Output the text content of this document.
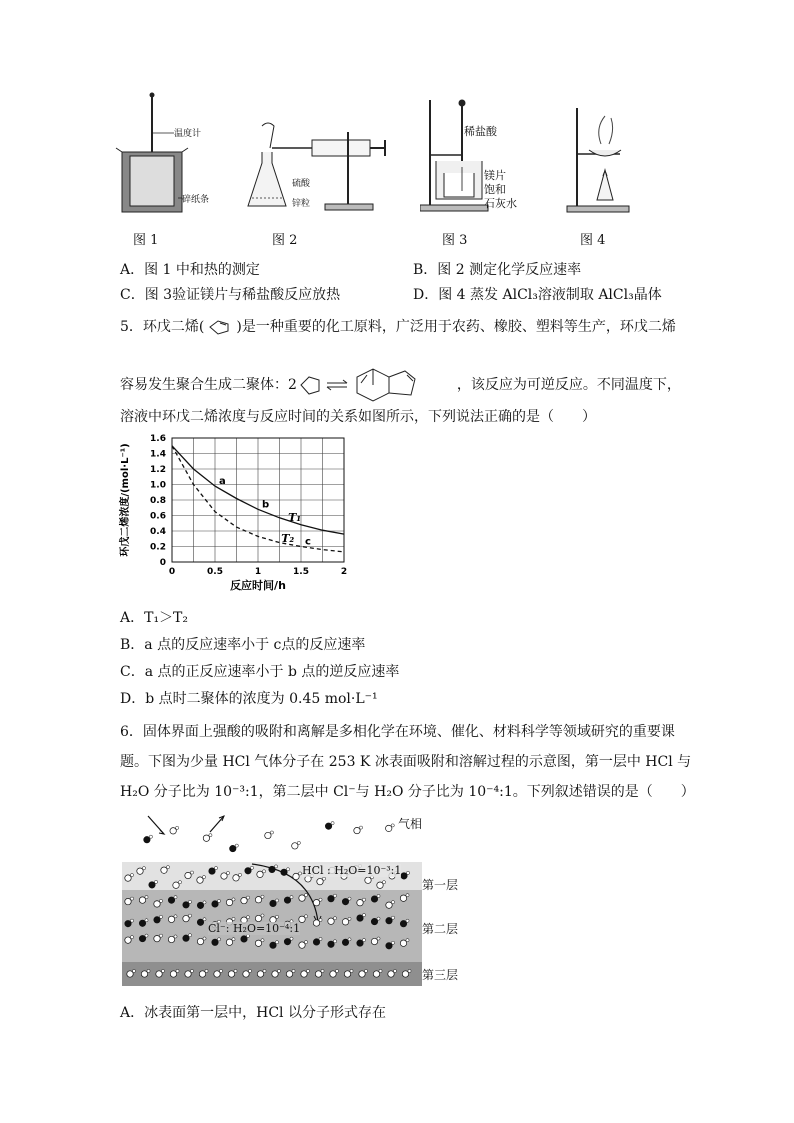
温度计
碎纸条
图 1
硫酸
锌粒
图 2
稀盐酸
镁片
饱和
石灰水
图 3	图 4
A．图 1 中和热的测定	B．图 2 测定化学反应速率
C．图 3验证镁片与稀盐酸反应放热	D．图 4 蒸发 AlCl₃溶液制取 AlCl₃晶体
5．环戊二烯( )是一种重要的化工原料，广泛用于农药、橡胶、塑料等生产，环戊二烯
容易发生聚合生成二聚体：2	，该反应为可逆反应。不同温度下，
溶液中环戊二烯浓度与反应时间的关系如图所示，下列说法正确的是（　　）
0
0.2
0.4
0.6
0.8
1.0
1.2
1.4
1.6
0	0.5	1	1.5	2
反应时间/h
环戊二烯浓度/(mol·L⁻¹)	T₁
T₂
a
b
c
A．T₁＞T₂
B．a 点的反应速率小于 c点的反应速率
C．a 点的正反应速率小于 b 点的逆反应速率
D．b 点时二聚体的浓度为 0.45 mol·L⁻¹
6．固体界面上强酸的吸附和离解是多相化学在环境、催化、材料科学等领域研究的重要课
题。下图为少量 HCl 气体分子在 253 K 冰表面吸附和溶解过程的示意图，第一层中 HCl 与
H₂O 分子比为 10⁻³:1，第二层中 Cl⁻与 H₂O 分子比为 10⁻⁴:1。下列叙述错误的是（　　）
HCl : H₂O=10⁻³:1
Cl⁻: H₂O=10⁻⁴:1
气相
第一层
第二层
第三层
A．冰表面第一层中，HCl 以分子形式存在
